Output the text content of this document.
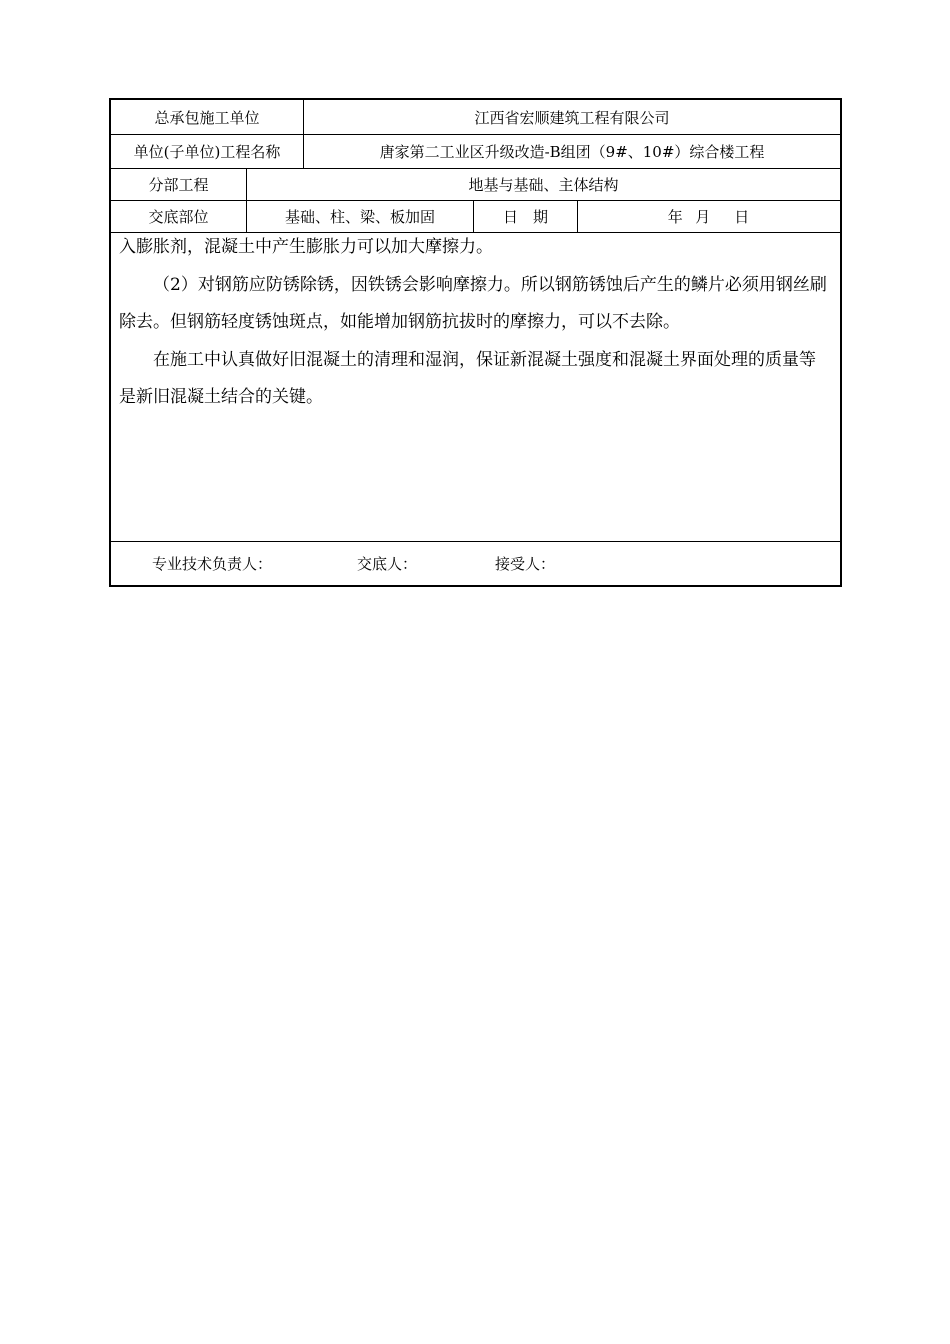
总承包施工单位	江西省宏顺建筑工程有限公司
单位(子单位)工程名称	唐家第二工业区升级改造-B组团（9#、10#）综合楼工程
分部工程	地基与基础、主体结构
交底部位	基础、柱、梁、板加固	日　期	年  月    日

入膨胀剂，混凝土中产生膨胀力可以加大摩擦力。

（2）对钢筋应防锈除锈，因铁锈会影响摩擦力。所以钢筋锈蚀后产生的鳞片必须用钢丝刷除去。但钢筋轻度锈蚀斑点，如能增加钢筋抗拔时的摩擦力，可以不去除。

在施工中认真做好旧混凝土的清理和湿润，保证新混凝土强度和混凝土界面处理的质量等是新旧混凝土结合的关键。

专业技术负责人：	交底人：	接受人：
